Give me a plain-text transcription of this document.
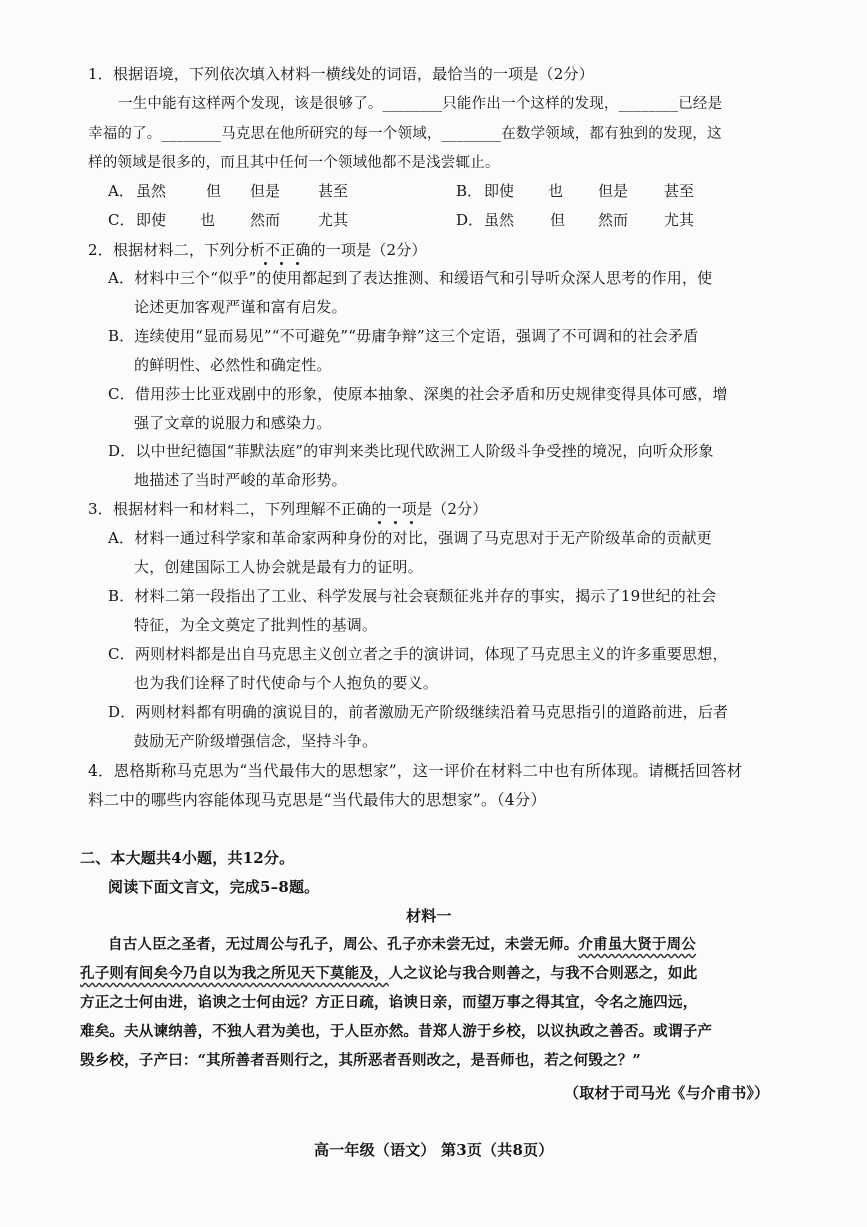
1．根据语境，下列依次填入材料一横线处的词语，最恰当的一项是（2分）
一生中能有这样两个发现，该是很够了。________只能作出一个这样的发现，________已经是
幸福的了。________马克思在他所研究的每一个领域，________在数学领域，都有独到的发现，这
样的领域是很多的，而且其中任何一个领域他都不是浅尝辄止。
A． 虽然	但 但是	甚至	B． 即使 也 但是 甚至
C． 即使 也 然而	尤其	D． 虽然 但 然而 尤其
2．根据材料二，下列分析不正确的一项是（2分）
A．材料中三个“似乎”的使用都起到了表达推测、和缓语气和引导听众深人思考的作用，使
论述更加客观严谨和富有启发。
B．连续使用“显而易见”“不可避免”“毋庸争辩”这三个定语，强调了不可调和的社会矛盾
的鲜明性、必然性和确定性。
C．借用莎士比亚戏剧中的形象，使原本抽象、深奥的社会矛盾和历史规律变得具体可感，增
强了文章的说服力和感染力。
D．以中世纪德国“菲默法庭”的审判来类比现代欧洲工人阶级斗争受挫的境况，向听众形象
地描述了当时严峻的革命形势。
3．根据材料一和材料二，下列理解不正确的一项是（2分）
A．材料一通过科学家和革命家两种身份的对比，强调了马克思对于无产阶级革命的贡献更
大，创建国际工人协会就是最有力的证明。
B．材料二第一段指出了工业、科学发展与社会衰颓征兆并存的事实，揭示了19世纪的社会
特征，为全文奠定了批判性的基调。
C．两则材料都是出自马克思主义创立者之手的演讲词，体现了马克思主义的许多重要思想，
也为我们诠释了时代使命与个人抱负的要义。
D．两则材料都有明确的演说目的，前者激励无产阶级继续沿着马克思指引的道路前进，后者
鼓励无产阶级增强信念，坚持斗争。
4．恩格斯称马克思为“当代最伟大的思想家”，这一评价在材料二中也有所体现。请概括回答材
料二中的哪些内容能体现马克思是“当代最伟大的思想家”。（4分）
二、本大题共4小题，共12分。
阅读下面文言文，完成5–8题。
材料一
自古人臣之圣者，无过周公与孔子，周公、孔子亦未尝无过，未尝无师。介甫虽大贤于周公
孔子则有间矣今乃自以为我之所见天下莫能及，人之议论与我合则善之，与我不合则恶之，如此
方正之士何由进，谄谀之士何由远？方正日疏，谄谀日亲，而望万事之得其宜，令名之施四远，
难矣。夫从谏纳善，不独人君为美也，于人臣亦然。昔郑人游于乡校，以议执政之善否。或谓子产
毁乡校，子产曰：“其所善者吾则行之，其所恶者吾则改之，是吾师也，若之何毁之？”
（取材于司马光《与介甫书》）
高一年级（语文） 第3页（共8页）
